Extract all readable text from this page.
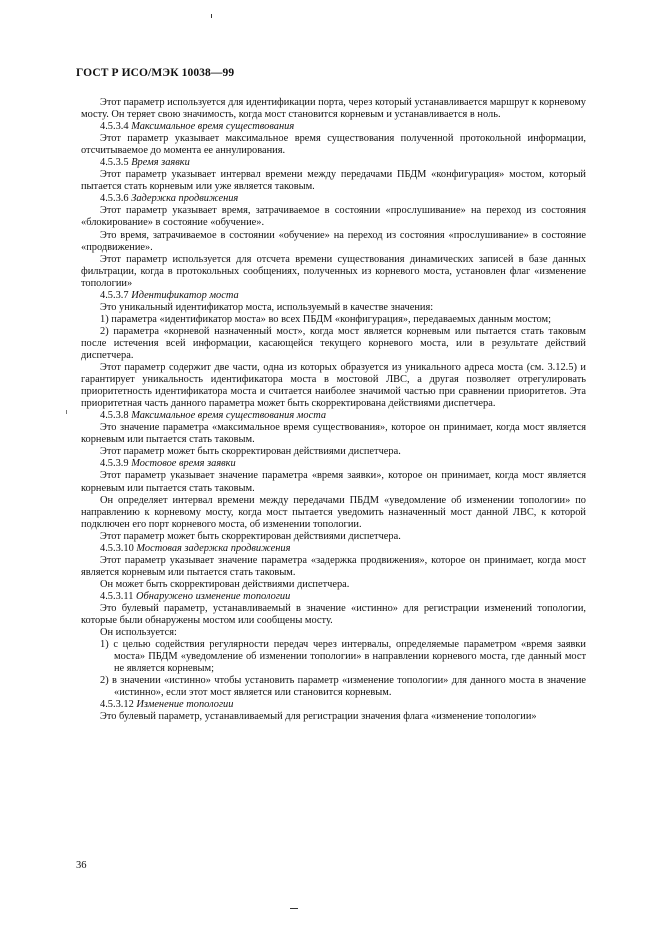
ГОСТ Р ИСО/МЭК 10038—99

Этот параметр используется для идентификации порта, через который устанавливается маршрут к корневому мосту. Он теряет свою значимость, когда мост становится корневым и устанавливается в ноль.

4.5.3.4 Максимальное время существования

Этот параметр указывает максимальное время существования полученной протокольной информации, отсчитываемое до момента ее аннулирования.

4.5.3.5 Время заявки

Этот параметр указывает интервал времени между передачами ПБДМ «конфигурация» мостом, который пытается стать корневым или уже является таковым.

4.5.3.6 Задержка продвижения

Этот параметр указывает время, затрачиваемое в состоянии «прослушивание» на переход из состояния «блокирование» в состояние «обучение».

Это время, затрачиваемое в состоянии «обучение» на переход из состояния «прослушивание» в состояние «продвижение».

Этот параметр используется для отсчета времени существования динамических записей в базе данных фильтрации, когда в протокольных сообщениях, полученных из корневого моста, установлен флаг «изменение топологии»

4.5.3.7 Идентификатор моста

Это уникальный идентификатор моста, используемый в качестве значения:

1) параметра «идентификатор моста» во всех ПБДМ «конфигурация», передаваемых данным мостом;

2) параметра «корневой назначенный мост», когда мост является корневым или пытается стать таковым после истечения всей информации, касающейся текущего корневого моста, или в результате действий диспетчера.

Этот параметр содержит две части, одна из которых образуется из уникального адреса моста (см. 3.12.5) и гарантирует уникальность идентификатора моста в мостовой ЛВС, а другая позволяет отрегулировать приоритетность идентификатора моста и считается наиболее значимой частью при сравнении приоритетов. Эта приоритетная часть данного параметра может быть скорректирована действиями диспетчера.

4.5.3.8 Максимальное время существования моста

Это значение параметра «максимальное время существования», которое он принимает, когда мост является корневым или пытается стать таковым.

Этот параметр может быть скорректирован действиями диспетчера.

4.5.3.9 Мостовое время заявки

Этот параметр указывает значение параметра «время заявки», которое он принимает, когда мост является корневым или пытается стать таковым.

Он определяет интервал времени между передачами ПБДМ «уведомление об изменении топологии» по направлению к корневому мосту, когда мост пытается уведомить назначенный мост данной ЛВС, к которой подключен его порт корневого моста, об изменении топологии.

Этот параметр может быть скорректирован действиями диспетчера.

4.5.3.10 Мостовая задержка продвижения

Этот параметр указывает значение параметра «задержка продвижения», которое он принимает, когда мост является корневым или пытается стать таковым.

Он может быть скорректирован действиями диспетчера.

4.5.3.11 Обнаружено изменение топологии

Это булевый параметр, устанавливаемый в значение «истинно» для регистрации изменений топологии, которые были обнаружены мостом или сообщены мосту.

Он используется:

1) с целью содействия регулярности передач через интервалы, определяемые параметром «время заявки моста» ПБДМ «уведомление об изменении топологии» в направлении корневого моста, где данный мост не является корневым;

2) в значении «истинно» чтобы установить параметр «изменение топологии» для данного моста в значение «истинно», если этот мост является или становится корневым.

4.5.3.12 Изменение топологии

Это булевый параметр, устанавливаемый для регистрации значения флага «изменение топологии»

36
